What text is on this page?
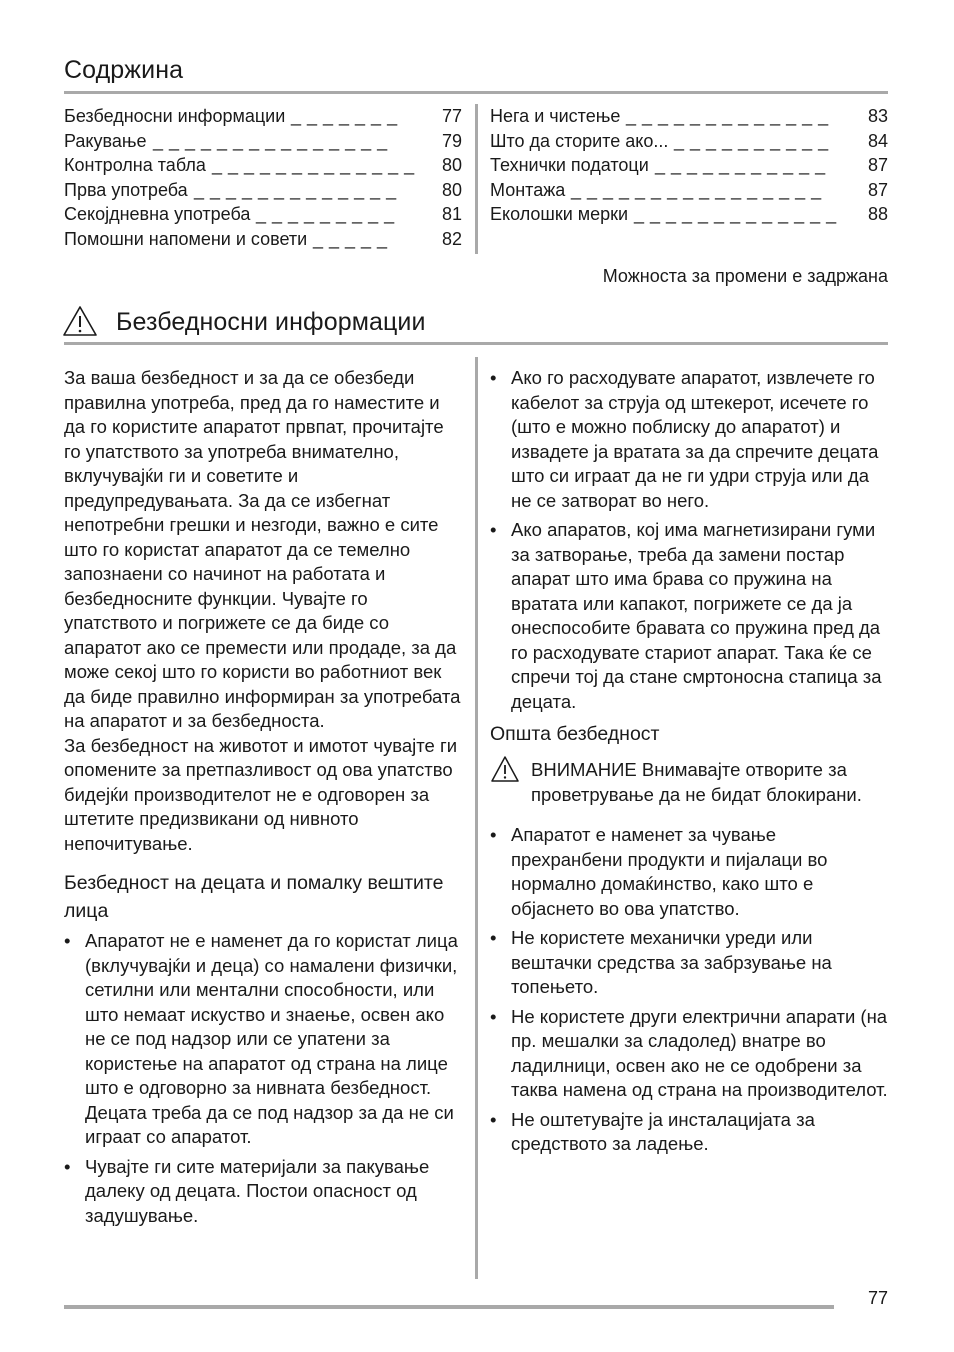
Содржина
Безбедносни информации _ _ _ _ _ _ _ 77
Ракување _ _ _ _ _ _ _ _ _ _ _ _ _ _ _	79
Контролна табла _ _ _ _ _ _ _ _ _ _ _ _ _ 80
Прва употреба _ _ _ _ _ _ _ _ _ _ _ _ _	80
Секојдневна употреба _ _ _ _ _ _ _ _ _	81
Помошни напомени и совети _ _ _ _ _	82
Нега и чистење _ _ _ _ _ _ _ _ _ _ _ _ _ 83
Што да сторите ако... _ _ _ _ _ _ _ _ _ _ 84
Технички податоци _ _ _ _ _ _ _ _ _ _ _ 87
Монтажа _ _ _ _ _ _ _ _ _ _ _ _ _ _ _ _	87
Еколошки мерки _ _ _ _ _ _ _ _ _ _ _ _ _ 88
Можноста за промени е задржана
Безбедносни информации

За ваша безбедност и за да се обезбеди правилна употреба, пред да го наместите и да го користите апаратот првпат, прочитајте го упатството за употреба внимателно, вклучувајќи ги и советите и предупредувањата. За да се избегнат непотребни грешки и незгоди, важно е сите што го користат апаратот да се темелно запознаени со начинот на работата и безбедносните функции. Чувајте го упатството и погрижете се да биде со апаратот ако се премести или продаде, за да може секој што го користи во работниот век да биде правилно информиран за употребата на апаратот и за безбедноста.

За безбедност на животот и имотот чувајте ги опомените за претпазливост од ова упатство бидејќи производителот не е одговорен за штетите предизвикани од нивното непочитување.

Безбедност на децата и помалку вештите лица
• Апаратот не е наменет да го користат лица (вклучувајќи и деца) со намалени физички, сетилни или ментални способности, или што немаат искуство и знаење, освен ако не се под надзор или се упатени за користење на апаратот од страна на лице што е одговорно за нивната безбедност. Децата треба да се под надзор за да не си играат со апаратот.
• Чувајте ги сите материјали за пакување далеку од децата. Постои опасност од задушување.
• Ако го расходувате апаратот, извлечете го кабелот за струја од штекерот, исечете го (што е можно поблиску до апаратот) и извадете ја вратата за да спречите децата што си играат да не ги удри струја или да не се затворат во него.
• Ако апаратов, кој има магнетизирани гуми за затворање, треба да замени постар апарат што има брава со пружина на вратата или капакот, погрижете се да ја онеспособите бравата со пружина пред да го расходувате стариот апарат. Така ќе се спречи тој да стане смртоносна стапица за децата.
Општа безбедност
ВНИМАНИЕ Внимавајте отворите за проветрување да не бидат блокирани.
• Апаратот е наменет за чување прехранбени продукти и пијалаци во нормално домаќинство, како што е објаснето во ова упатство.
• Не користете механички уреди или вештачки средства за забрзување на топењето.
• Не користете други електрични апарати (на пр. мешалки за сладолед) внатре во ладилници, освен ако не се одобрени за таква намена од страна на производителот.
• Не оштетувајте ја инсталацијата за средството за ладење.
77
